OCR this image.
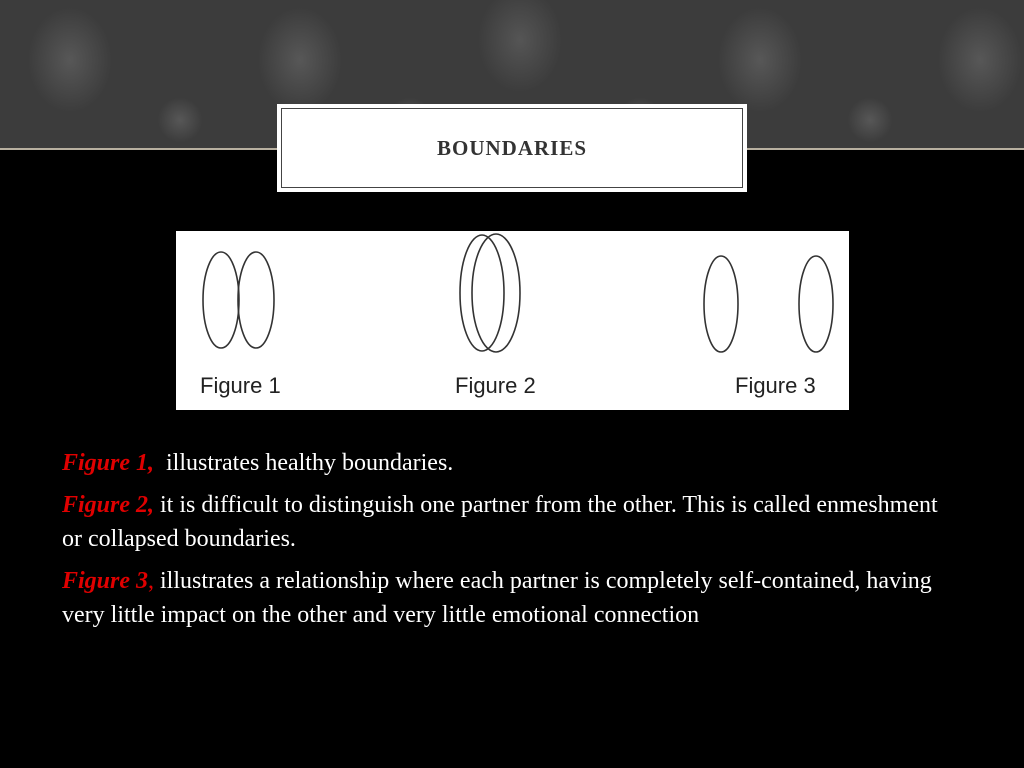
BOUNDARIES
Figure 1	Figure 2	Figure 3

Figure 1, illustrates healthy boundaries.

Figure 2, it is difficult to distinguish one partner from the other. This is called enmeshment or collapsed boundaries.

Figure 3, illustrates a relationship where each partner is completely self-contained, having very little impact on the other and very little emotional connection
